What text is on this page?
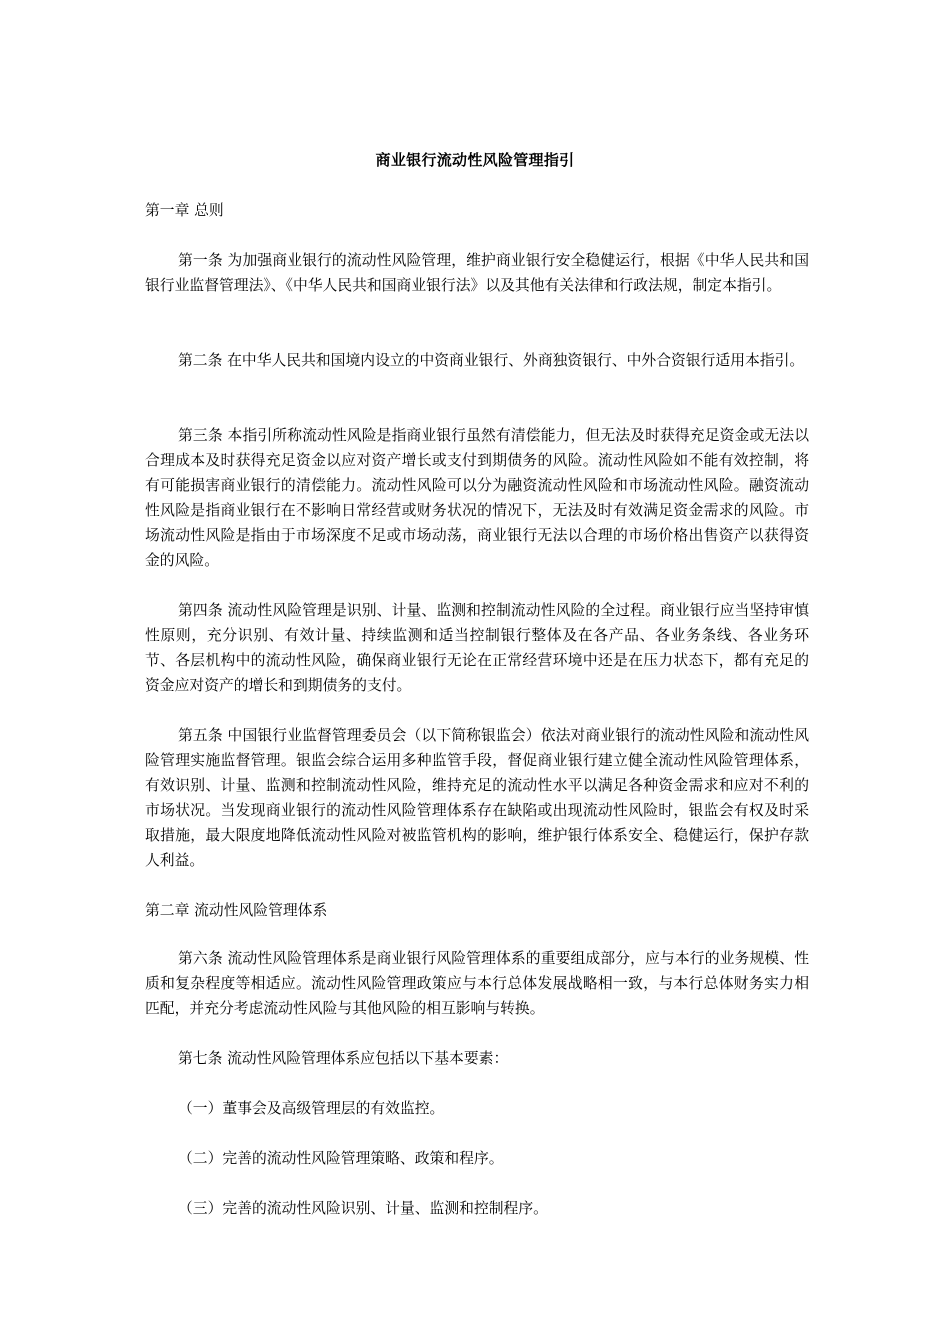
商业银行流动性风险管理指引
第一章 总则
第一条 为加强商业银行的流动性风险管理，维护商业银行安全稳健运行，根据《中华人民共和国银行业监督管理法》、《中华人民共和国商业银行法》以及其他有关法律和行政法规，制定本指引。
第二条 在中华人民共和国境内设立的中资商业银行、外商独资银行、中外合资银行适用本指引。
第三条 本指引所称流动性风险是指商业银行虽然有清偿能力，但无法及时获得充足资金或无法以合理成本及时获得充足资金以应对资产增长或支付到期债务的风险。流动性风险如不能有效控制，将有可能损害商业银行的清偿能力。流动性风险可以分为融资流动性风险和市场流动性风险。融资流动性风险是指商业银行在不影响日常经营或财务状况的情况下，无法及时有效满足资金需求的风险。市场流动性风险是指由于市场深度不足或市场动荡，商业银行无法以合理的市场价格出售资产以获得资金的风险。
第四条 流动性风险管理是识别、计量、监测和控制流动性风险的全过程。商业银行应当坚持审慎性原则，充分识别、有效计量、持续监测和适当控制银行整体及在各产品、各业务条线、各业务环节、各层机构中的流动性风险，确保商业银行无论在正常经营环境中还是在压力状态下，都有充足的资金应对资产的增长和到期债务的支付。
第五条 中国银行业监督管理委员会（以下简称银监会）依法对商业银行的流动性风险和流动性风险管理实施监督管理。银监会综合运用多种监管手段，督促商业银行建立健全流动性风险管理体系，有效识别、计量、监测和控制流动性风险，维持充足的流动性水平以满足各种资金需求和应对不利的市场状况。当发现商业银行的流动性风险管理体系存在缺陷或出现流动性风险时，银监会有权及时采取措施，最大限度地降低流动性风险对被监管机构的影响，维护银行体系安全、稳健运行，保护存款人利益。
第二章 流动性风险管理体系
第六条 流动性风险管理体系是商业银行风险管理体系的重要组成部分，应与本行的业务规模、性质和复杂程度等相适应。流动性风险管理政策应与本行总体发展战略相一致，与本行总体财务实力相匹配，并充分考虑流动性风险与其他风险的相互影响与转换。
第七条 流动性风险管理体系应包括以下基本要素：
（一）董事会及高级管理层的有效监控。
（二）完善的流动性风险管理策略、政策和程序。
（三）完善的流动性风险识别、计量、监测和控制程序。
